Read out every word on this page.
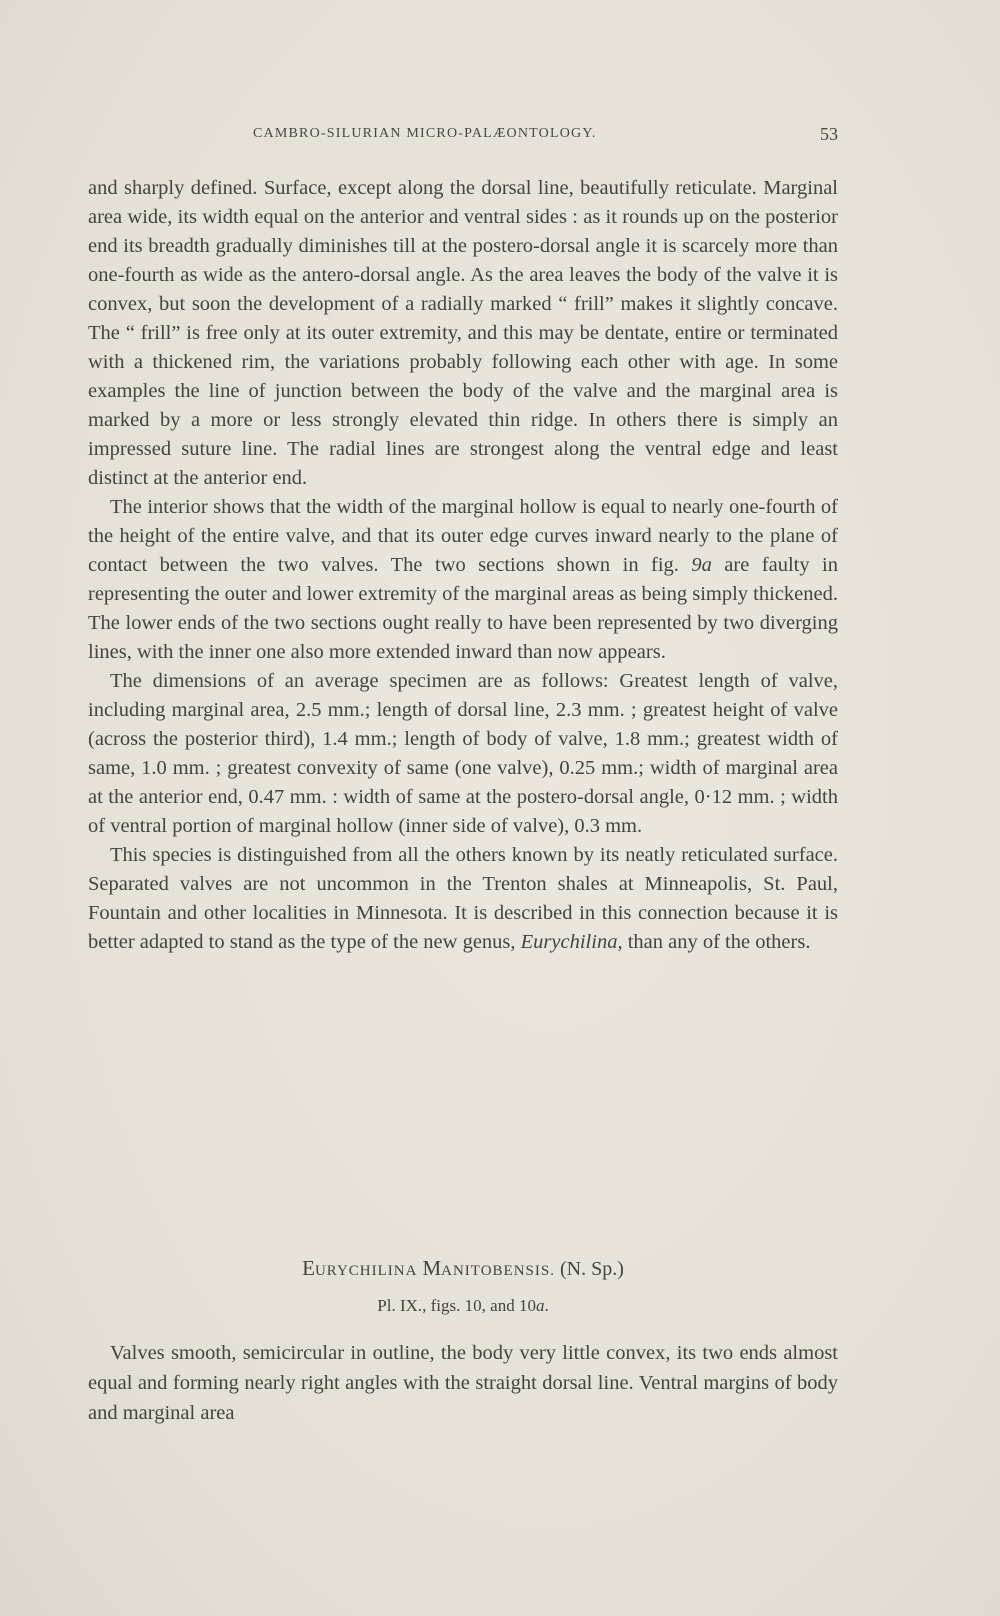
CAMBRO-SILURIAN MICRO-PALÆONTOLOGY.	53

and sharply defined. Surface, except along the dorsal line, beautifully reticulate. Marginal area wide, its width equal on the anterior and ventral sides : as it rounds up on the posterior end its breadth gradually diminishes till at the postero-dorsal angle it is scarcely more than one-fourth as wide as the antero-dorsal angle. As the area leaves the body of the valve it is convex, but soon the development of a radially marked “ frill” makes it slightly concave. The “ frill” is free only at its outer extremity, and this may be dentate, entire or terminated with a thickened rim, the variations probably following each other with age. In some examples the line of junction between the body of the valve and the marginal area is marked by a more or less strongly elevated thin ridge. In others there is simply an impressed suture line. The radial lines are strongest along the ventral edge and least distinct at the anterior end.

The interior shows that the width of the marginal hollow is equal to nearly one-fourth of the height of the entire valve, and that its outer edge curves inward nearly to the plane of contact between the two valves. The two sections shown in fig. 9a are faulty in representing the outer and lower extremity of the marginal areas as being simply thickened. The lower ends of the two sections ought really to have been represented by two diverging lines, with the inner one also more extended inward than now appears.

The dimensions of an average specimen are as follows: Greatest length of valve, including marginal area, 2.5 mm.; length of dorsal line, 2.3 mm. ; greatest height of valve (across the posterior third), 1.4 mm.; length of body of valve, 1.8 mm.; greatest width of same, 1.0 mm. ; greatest convexity of same (one valve), 0.25 mm.; width of marginal area at the anterior end, 0.47 mm. : width of same at the postero-dorsal angle, 0·12 mm. ; width of ventral portion of marginal hollow (inner side of valve), 0.3 mm.

This species is distinguished from all the others known by its neatly reticulated surface. Separated valves are not uncommon in the Trenton shales at Minneapolis, St. Paul, Fountain and other localities in Minnesota. It is described in this connection because it is better adapted to stand as the type of the new genus, Eurychilina, than any of the others.

EURYCHILINA MANITOBENSIS. (N. Sp.)
Pl. IX., figs. 10, and 10a.

Valves smooth, semicircular in outline, the body very little convex, its two ends almost equal and forming nearly right angles with the straight dorsal line. Ventral margins of body and marginal area
